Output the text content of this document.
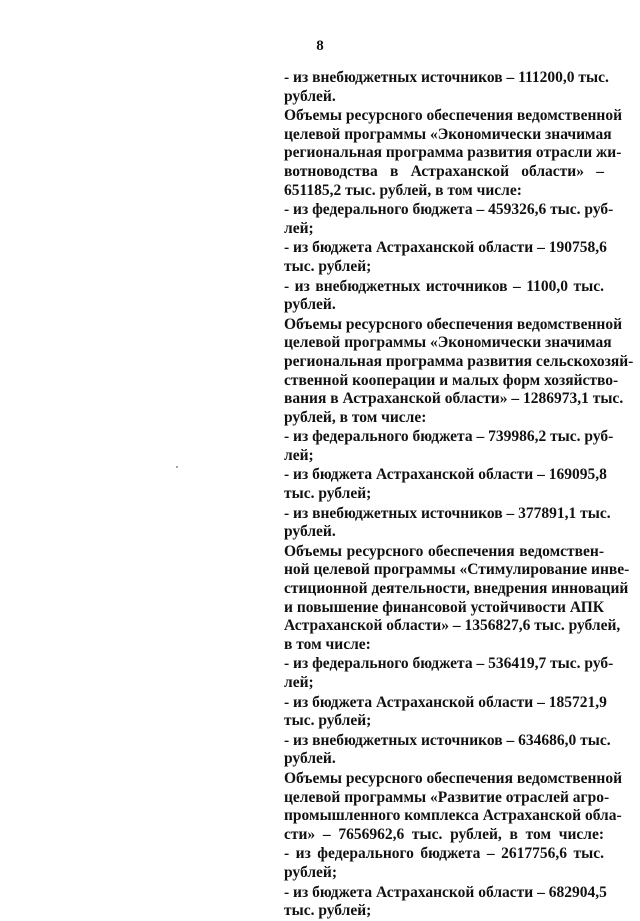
8
- из внебюджетных источников – 111200,0 тыс.
рублей.
Объемы ресурсного обеспечения ведомственной
целевой программы «Экономически значимая
региональная программа развития отрасли жи-
вотноводства в Астраханской области» –
651185,2 тыс. рублей, в том числе:
- из федерального бюджета – 459326,6 тыс. руб-
лей;
- из бюджета Астраханской области – 190758,6
тыс. рублей;
- из внебюджетных источников – 1100,0 тыс.
рублей.
Объемы ресурсного обеспечения ведомственной
целевой программы «Экономически значимая
региональная программа развития сельскохозяй-
ственной кооперации и малых форм хозяйство-
вания в Астраханской области» – 1286973,1 тыс.
рублей, в том числе:
- из федерального бюджета – 739986,2 тыс. руб-
лей;
- из бюджета Астраханской области – 169095,8
тыс. рублей;
- из внебюджетных источников – 377891,1 тыс.
рублей.
Объемы ресурсного обеспечения ведомствен-
ной целевой программы «Стимулирование инве-
стиционной деятельности, внедрения инноваций
и повышение финансовой устойчивости АПК
Астраханской области» – 1356827,6 тыс. рублей,
в том числе:
- из федерального бюджета – 536419,7 тыс. руб-
лей;
- из бюджета Астраханской области – 185721,9
тыс. рублей;
- из внебюджетных источников – 634686,0 тыс.
рублей.
Объемы ресурсного обеспечения ведомственной
целевой программы «Развитие отраслей агро-
промышленного комплекса Астраханской обла-
сти» – 7656962,6 тыс. рублей, в том числе:
- из федерального бюджета – 2617756,6 тыс.
рублей;
- из бюджета Астраханской области – 682904,5
тыс. рублей;
